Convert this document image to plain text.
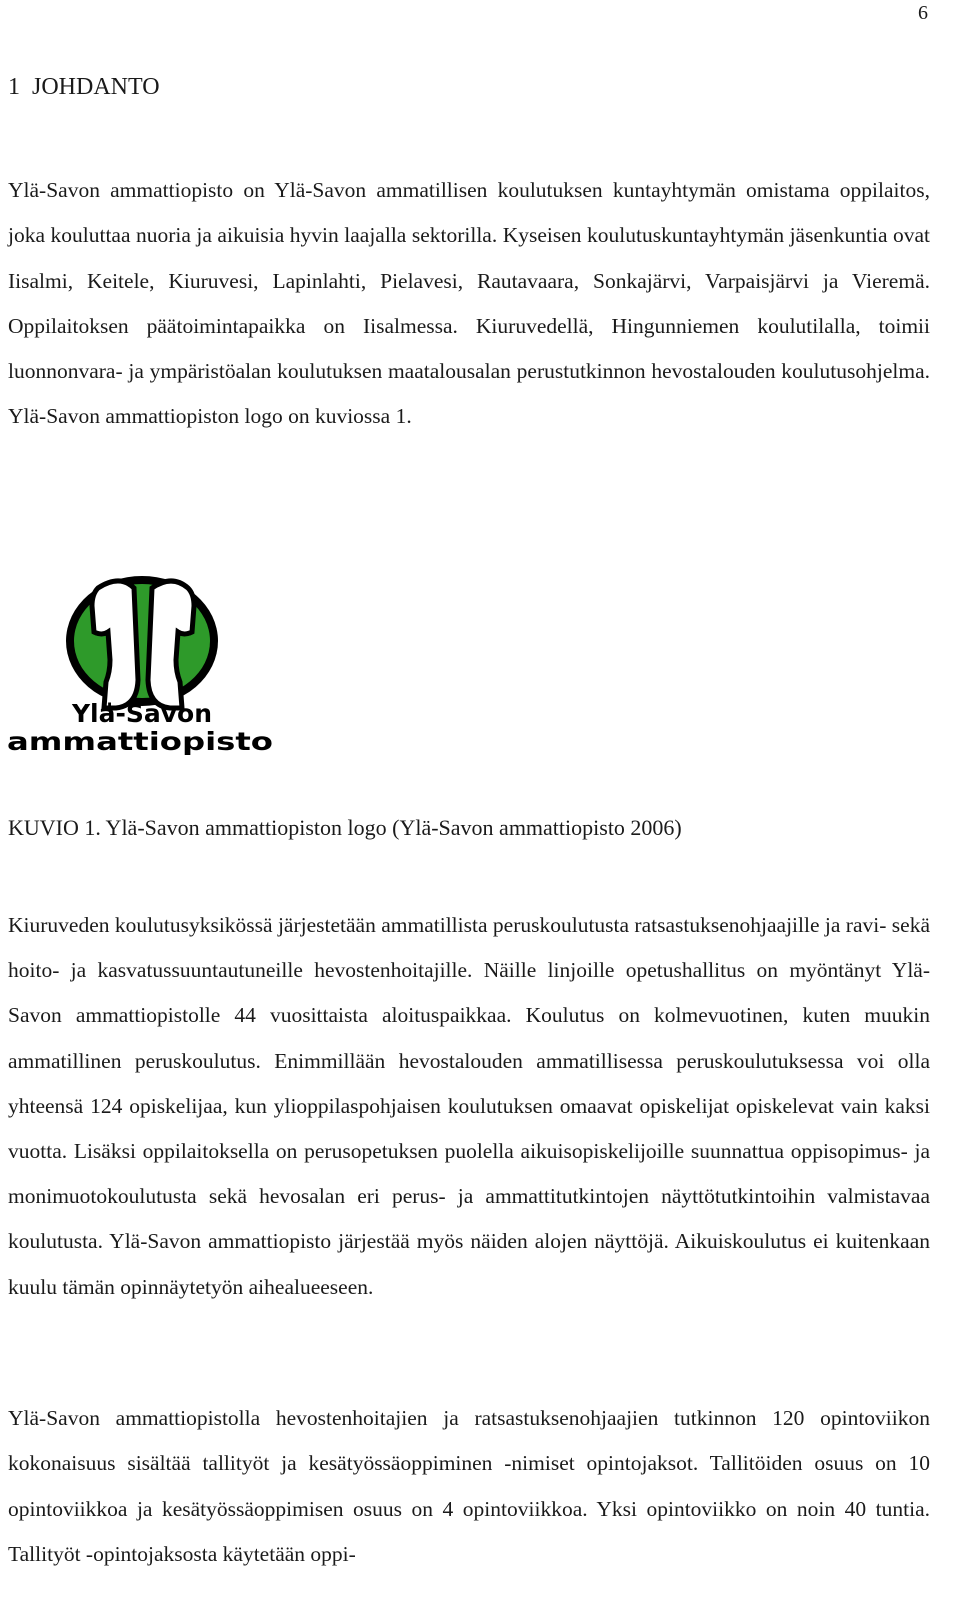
6
1  JOHDANTO

Ylä-Savon ammattiopisto on Ylä-Savon ammatillisen koulutuksen kuntayhtymän omistama oppilaitos, joka kouluttaa nuoria ja aikuisia hyvin laajalla sektorilla. Kyseisen koulutuskuntayhtymän jäsenkuntia ovat Iisalmi, Keitele, Kiuruvesi, Lapinlahti, Pielavesi, Rautavaara, Sonkajärvi, Varpaisjärvi ja Vieremä. Oppilaitoksen päätoimintapaikka on Iisalmessa. Kiuruvedellä, Hingunniemen koulutilalla, toimii luonnonvara- ja ympäristöalan koulutuksen maatalousalan perustutkinnon hevostalouden koulutusohjelma. Ylä-Savon ammattiopiston logo on kuviossa 1.

Ylä-Savon
ammattiopisto

KUVIO 1. Ylä-Savon ammattiopiston logo (Ylä-Savon ammattiopisto 2006)

Kiuruveden koulutusyksikössä järjestetään ammatillista peruskoulutusta ratsastuksenohjaajille ja ravi- sekä hoito- ja kasvatussuuntautuneille hevostenhoitajille. Näille linjoille opetushallitus on myöntänyt Ylä-Savon ammattiopistolle 44 vuosittaista aloituspaikkaa. Koulutus on kolmevuotinen, kuten muukin ammatillinen peruskoulutus. Enimmillään hevostalouden ammatillisessa peruskoulutuksessa voi olla yhteensä 124 opiskelijaa, kun ylioppilaspohjaisen koulutuksen omaavat opiskelijat opiskelevat vain kaksi vuotta. Lisäksi oppilaitoksella on perusopetuksen puolella aikuisopiskelijoille suunnattua oppisopimus- ja monimuotokoulutusta sekä hevosalan eri perus- ja ammattitutkintojen näyttötutkintoihin valmistavaa koulutusta. Ylä-Savon ammattiopisto järjestää myös näiden alojen näyttöjä. Aikuiskoulutus ei kuitenkaan kuulu tämän opinnäytetyön aihealueeseen.

Ylä-Savon ammattiopistolla hevostenhoitajien ja ratsastuksenohjaajien tutkinnon 120 opintoviikon kokonaisuus sisältää tallityöt ja kesätyössäoppiminen -nimiset opintojaksot. Tallitöiden osuus on 10 opintoviikkoa ja kesätyössäoppimisen osuus on 4 opintoviikkoa. Yksi opintoviikko on noin 40 tuntia. Tallityöt -opintojaksosta käytetään oppi-
